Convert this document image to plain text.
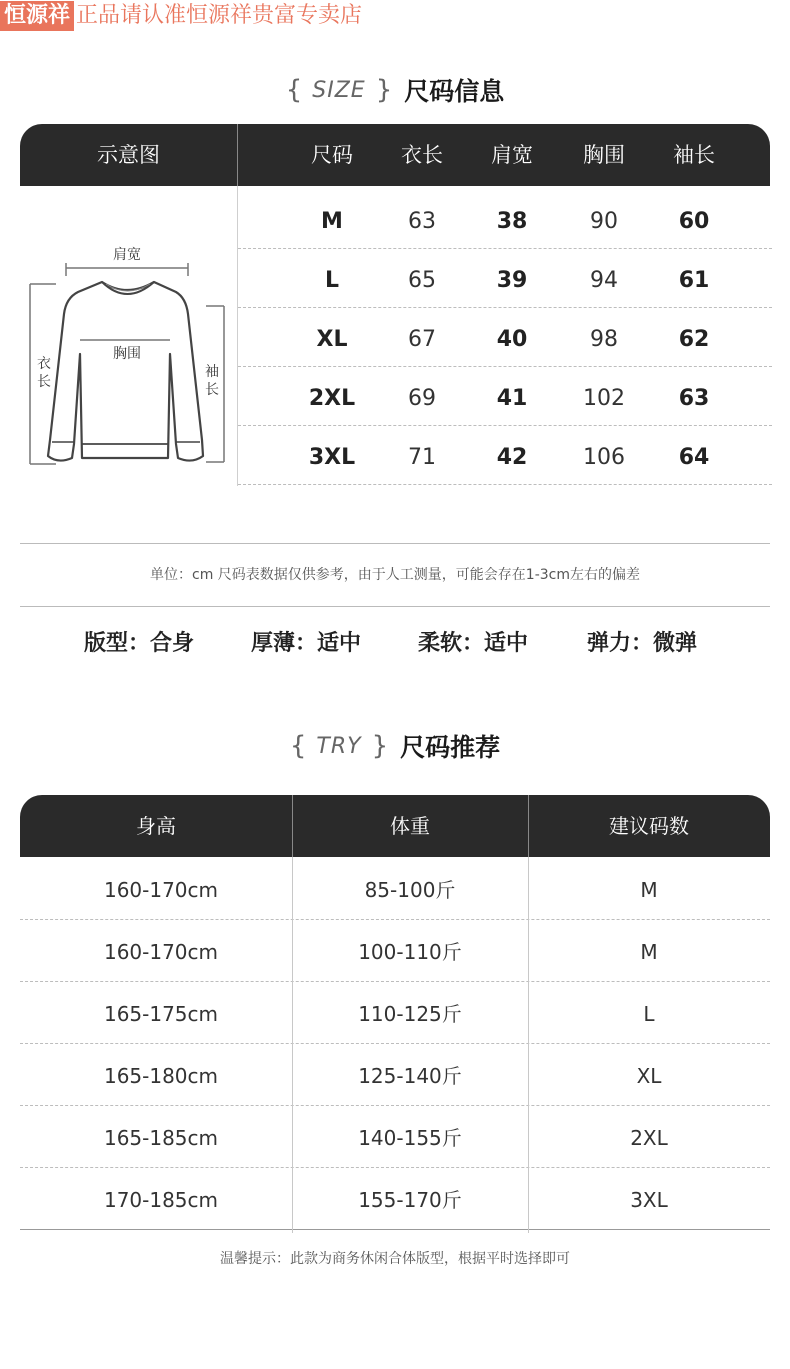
恒源祥 正品请认准恒源祥贵富专卖店
{ SIZE } 尺码信息
示意图	尺码	衣长	肩宽	胸围	袖长
肩宽
衣
长
袖
长
胸围
M	63	38	90	60
L	65	39	94	61
XL	67	40	98	62
2XL	69	41	102	63
3XL	71	42	106	64
单位：cm 尺码表数据仅供参考，由于人工测量，可能会存在1-3cm左右的偏差
版型：合身	厚薄：适中	柔软：适中	弹力：微弹
{ TRY } 尺码推荐
身高	体重	建议码数
160-170cm	85-100斤	M
160-170cm	100-110斤	M
165-175cm	110-125斤	L
165-180cm	125-140斤	XL
165-185cm	140-155斤	2XL
170-185cm	155-170斤	3XL
温馨提示：此款为商务休闲合体版型，根据平时选择即可
